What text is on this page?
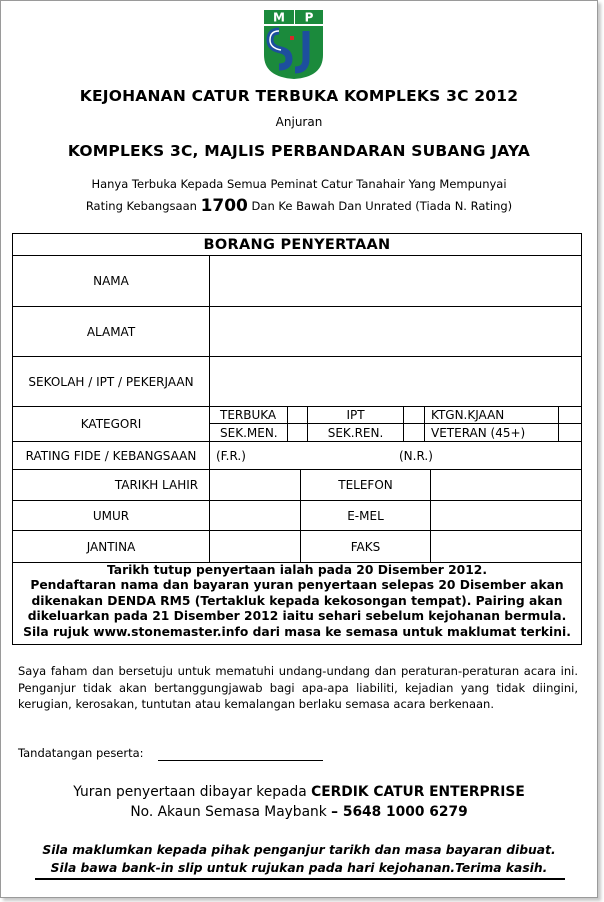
M P
KEJOHANAN CATUR TERBUKA KOMPLEKS 3C 2012
Anjuran
KOMPLEKS 3C, MAJLIS PERBANDARAN SUBANG JAYA
Hanya Terbuka Kepada Semua Peminat Catur Tanahair Yang Mempunyai
Rating Kebangsaan 1700 Dan Ke Bawah Dan Unrated (Tiada N. Rating)
BORANG PENYERTAAN
NAMA
ALAMAT
SEKOLAH / IPT / PEKERJAAN
KATEGORI
TERBUKA	IPT	KTGN.KJAAN
SEK.MEN.	SEK.REN.	VETERAN (45+)
RATING FIDE / KEBANGSAAN	(F.R.)	(N.R.)
TARIKH LAHIR	TELEFON
UMUR	E-MEL
JANTINA	FAKS
Tarikh tutup penyertaan ialah pada 20 Disember 2012.
Pendaftaran nama dan bayaran yuran penyertaan selepas 20 Disember akan
dikenakan DENDA RM5 (Tertakluk kepada kekosongan tempat). Pairing akan
dikeluarkan pada 21 Disember 2012 iaitu sehari sebelum kejohanan bermula.
Sila rujuk www.stonemaster.info dari masa ke semasa untuk maklumat terkini.
Saya faham dan bersetuju untuk mematuhi undang-undang dan peraturan-peraturan acara ini. Penganjur tidak akan bertanggungjawab bagi apa-apa liabiliti, kejadian yang tidak diingini, kerugian, kerosakan, tuntutan atau kemalangan berlaku semasa acara berkenaan.
Tandatangan peserta:
Yuran penyertaan dibayar kepada CERDIK CATUR ENTERPRISE
No. Akaun Semasa Maybank – 5648 1000 6279
Sila maklumkan kepada pihak penganjur tarikh dan masa bayaran dibuat.
Sila bawa bank-in slip untuk rujukan pada hari kejohanan.Terima kasih.
